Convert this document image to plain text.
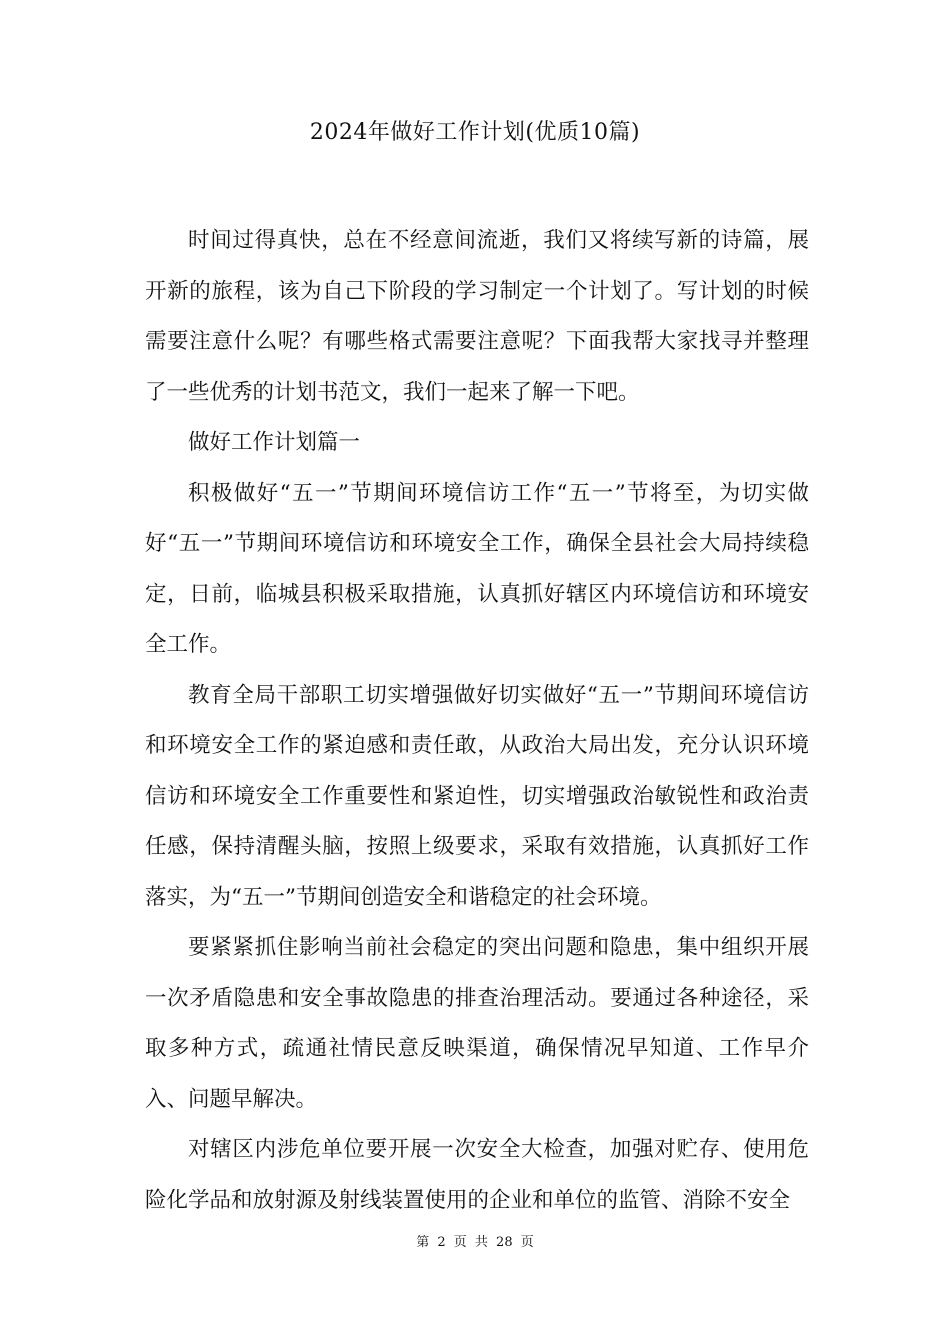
2024年做好工作计划(优质10篇)

时间过得真快，总在不经意间流逝，我们又将续写新的诗篇，展开新的旅程，该为自己下阶段的学习制定一个计划了。写计划的时候需要注意什么呢？有哪些格式需要注意呢？下面我帮大家找寻并整理了一些优秀的计划书范文，我们一起来了解一下吧。

做好工作计划篇一

积极做好“五一”节期间环境信访工作“五一”节将至，为切实做好“五一”节期间环境信访和环境安全工作，确保全县社会大局持续稳定，日前，临城县积极采取措施，认真抓好辖区内环境信访和环境安全工作。

教育全局干部职工切实增强做好切实做好“五一”节期间环境信访和环境安全工作的紧迫感和责任敢，从政治大局出发，充分认识环境信访和环境安全工作重要性和紧迫性，切实增强政治敏锐性和政治责任感，保持清醒头脑，按照上级要求，采取有效措施，认真抓好工作落实，为“五一”节期间创造安全和谐稳定的社会环境。

要紧紧抓住影响当前社会稳定的突出问题和隐患，集中组织开展一次矛盾隐患和安全事故隐患的排查治理活动。要通过各种途径，采取多种方式，疏通社情民意反映渠道，确保情况早知道、工作早介入、问题早解决。

对辖区内涉危单位要开展一次安全大检查，加强对贮存、使用危险化学品和放射源及射线装置使用的企业和单位的监管、消除不安全

第 2 页 共 28 页
